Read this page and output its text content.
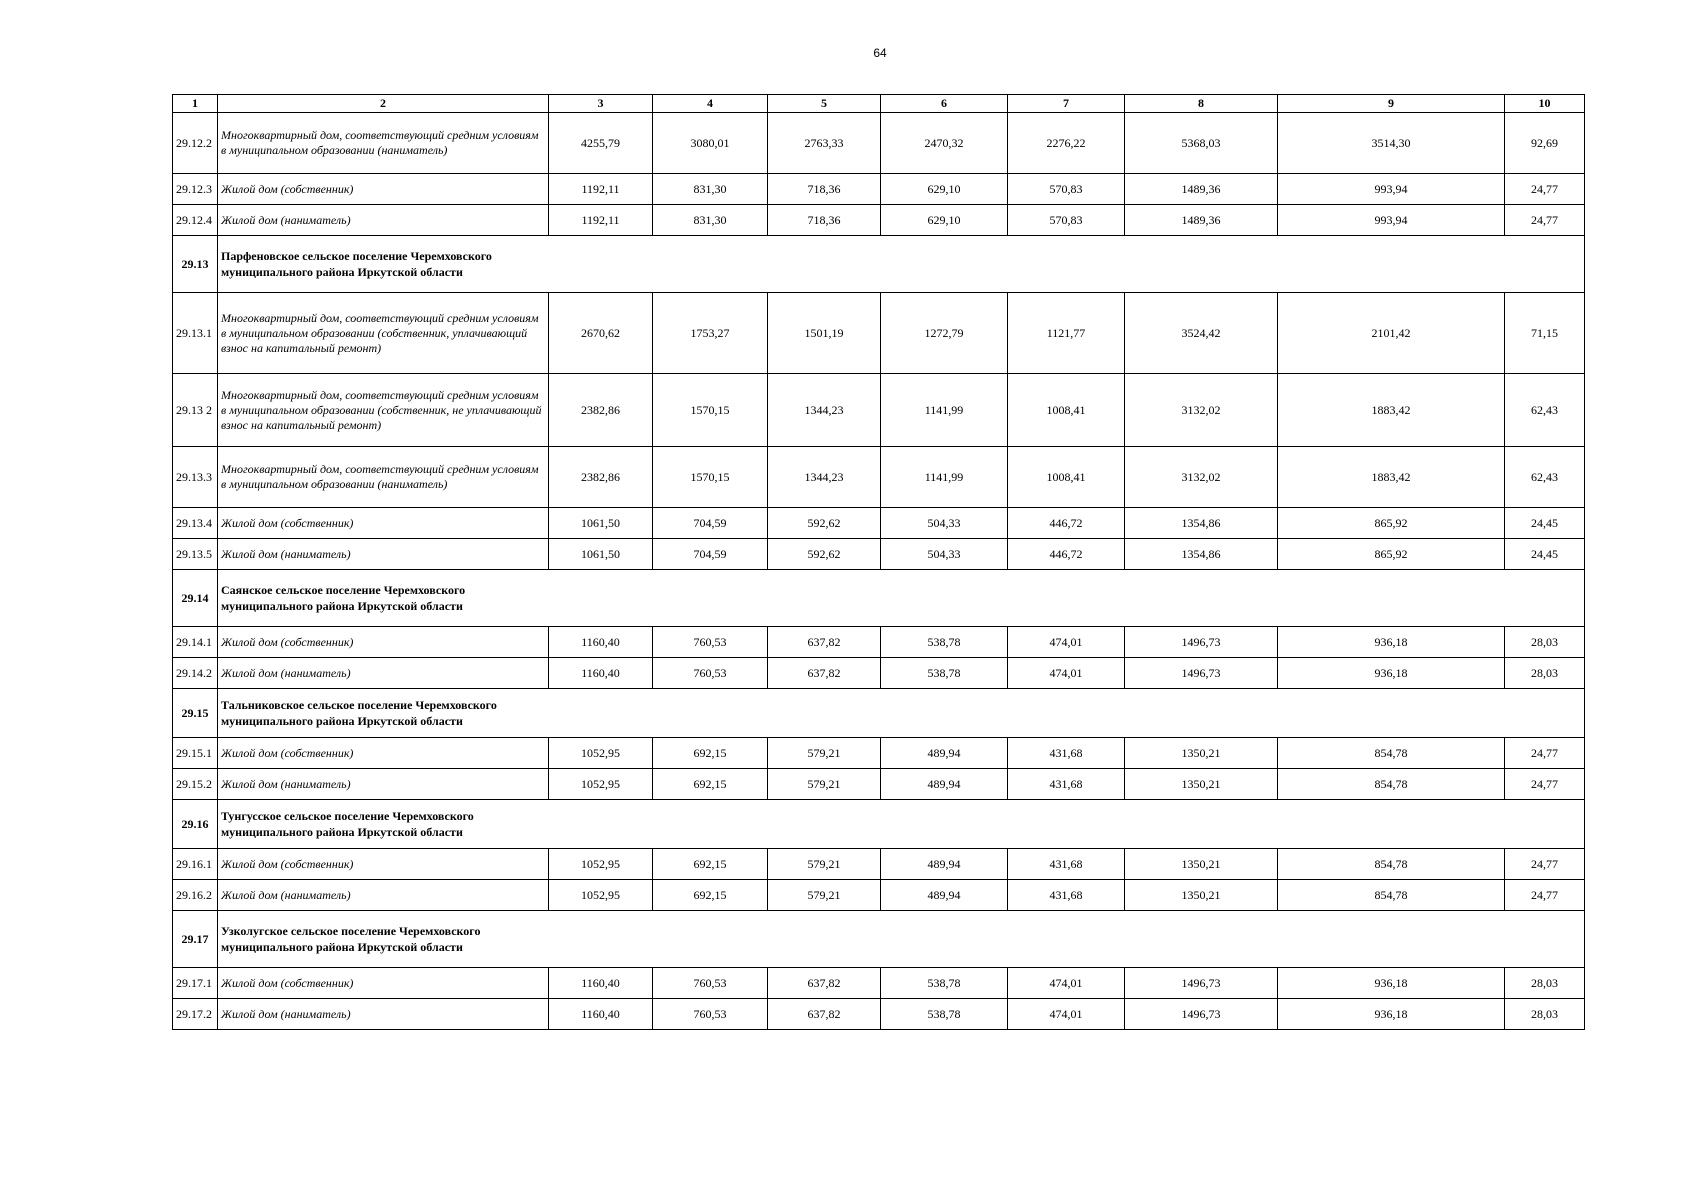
64
1	2	3	4	5	6	7	8	9	10
29.12.2	Многоквартирный дом, соответствующий средним условиям в муниципальном образовании (наниматель)	4255,79	3080,01	2763,33	2470,32	2276,22	5368,03	3514,30	92,69
29.12.3	Жилой дом (собственник)	1192,11	831,30	718,36	629,10	570,83	1489,36	993,94	24,77
29.12.4	Жилой дом (наниматель)	1192,11	831,30	718,36	629,10	570,83	1489,36	993,94	24,77
29.13	Парфеновское сельское поселение Черемховского муниципального района Иркутской области								
29.13.1	Многоквартирный дом, соответствующий средним условиям в муниципальном образовании (собственник, уплачивающий взнос на капитальный ремонт)	2670,62	1753,27	1501,19	1272,79	1121,77	3524,42	2101,42	71,15
29.13 2	Многоквартирный дом, соответствующий средним условиям в муниципальном образовании (собственник, не уплачивающий взнос на капитальный ремонт)	2382,86	1570,15	1344,23	1141,99	1008,41	3132,02	1883,42	62,43
29.13.3	Многоквартирный дом, соответствующий средним условиям в муниципальном образовании (наниматель)	2382,86	1570,15	1344,23	1141,99	1008,41	3132,02	1883,42	62,43
29.13.4	Жилой дом (собственник)	1061,50	704,59	592,62	504,33	446,72	1354,86	865,92	24,45
29.13.5	Жилой дом (наниматель)	1061,50	704,59	592,62	504,33	446,72	1354,86	865,92	24,45
29.14	Саянское сельское поселение Черемховского муниципального района Иркутской области								
29.14.1	Жилой дом (собственник)	1160,40	760,53	637,82	538,78	474,01	1496,73	936,18	28,03
29.14.2	Жилой дом (наниматель)	1160,40	760,53	637,82	538,78	474,01	1496,73	936,18	28,03
29.15	Тальниковское сельское поселение Черемховского муниципального района Иркутской области								
29.15.1	Жилой дом (собственник)	1052,95	692,15	579,21	489,94	431,68	1350,21	854,78	24,77
29.15.2	Жилой дом (наниматель)	1052,95	692,15	579,21	489,94	431,68	1350,21	854,78	24,77
29.16	Тунгусское сельское поселение Черемховского муниципального района Иркутской области								
29.16.1	Жилой дом (собственник)	1052,95	692,15	579,21	489,94	431,68	1350,21	854,78	24,77
29.16.2	Жилой дом (наниматель)	1052,95	692,15	579,21	489,94	431,68	1350,21	854,78	24,77
29.17	Узколугское сельское поселение Черемховского муниципального района Иркутской области								
29.17.1	Жилой дом (собственник)	1160,40	760,53	637,82	538,78	474,01	1496,73	936,18	28,03
29.17.2	Жилой дом (наниматель)	1160,40	760,53	637,82	538,78	474,01	1496,73	936,18	28,03
